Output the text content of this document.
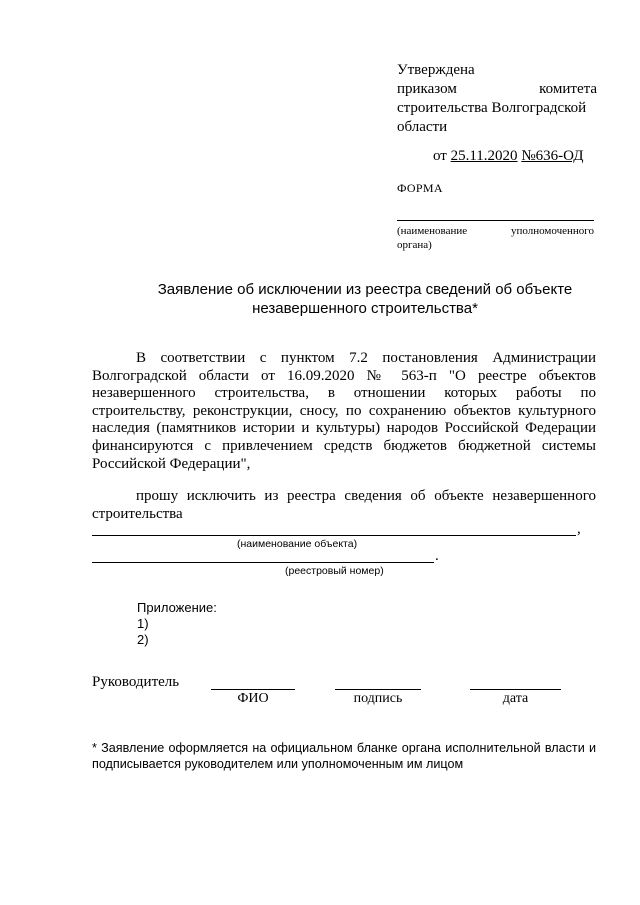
Утверждена
приказом	комитета
строительства Волгоградской
области
от 25.11.2020 №636-ОД
ФОРМА
(наименование	уполномоченного
органа)
Заявление об исключении из реестра сведений об объекте
незавершенного строительства*
В соответствии с пунктом 7.2 постановления Администрации Волгоградской области от 16.09.2020 № 563-п "О реестре объектов незавершенного строительства, в отношении которых работы по строительству, реконструкции, сносу, по сохранению объектов культурного наследия (памятников истории и культуры) народов Российской Федерации финансируются с привлечением средств бюджетов бюджетной системы Российской Федерации",
прошу исключить из реестра сведения об объекте незавершенного строительства
,
(наименование объекта)
.
(реестровый номер)
Приложение:
1)
2)
Руководитель
ФИО	подпись	дата
* Заявление оформляется на официальном бланке органа исполнительной власти и подписывается руководителем или уполномоченным им лицом
